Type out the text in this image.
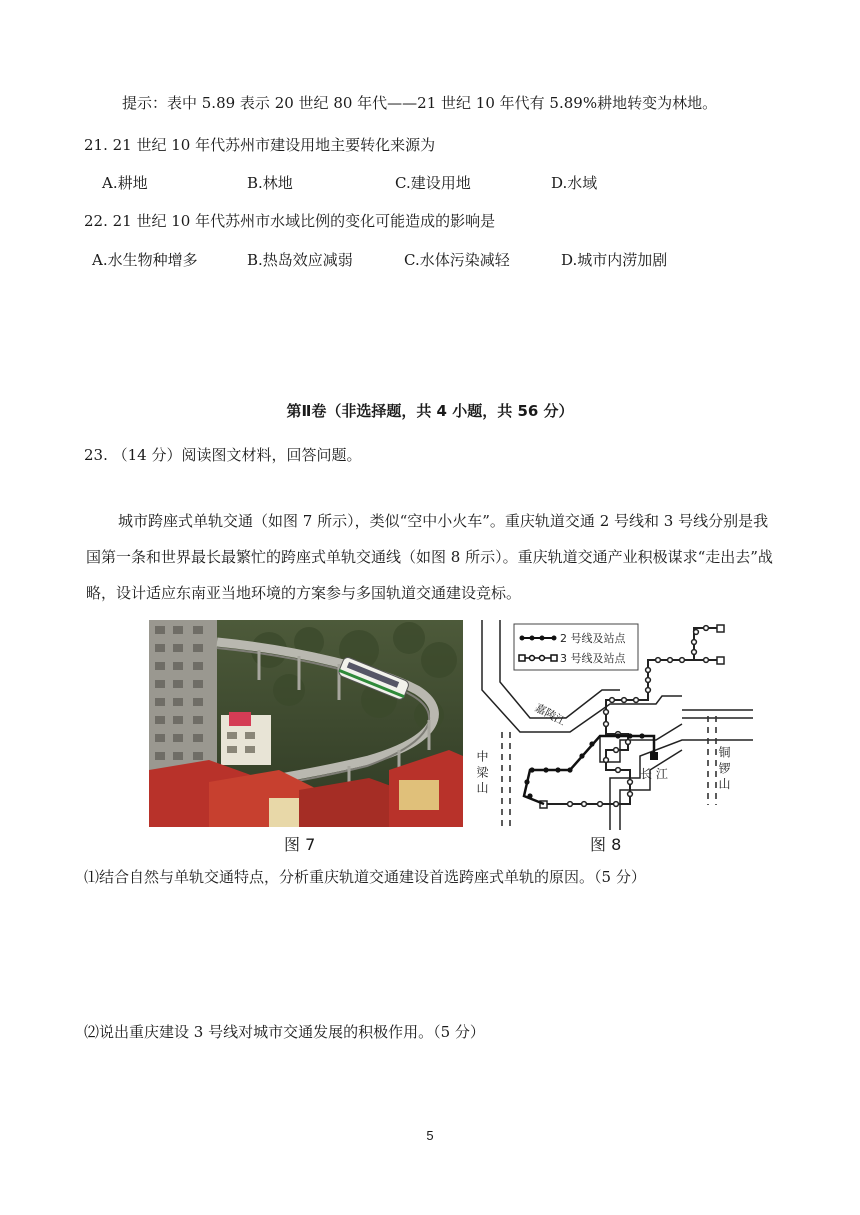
提示：表中 5.89 表示 20 世纪 80 年代——21 世纪 10 年代有 5.89%耕地转变为林地。
21. 21 世纪 10 年代苏州市建设用地主要转化来源为
A.耕地	B.林地	C.建设用地	D.水域
22. 21 世纪 10 年代苏州市水域比例的变化可能造成的影响是
A.水生物种增多	B.热岛效应减弱	C.水体污染减轻	D.城市内涝加剧
第Ⅱ卷（非选择题，共 4 小题，共 56 分）
23. （14 分）阅读图文材料，回答问题。
城市跨座式单轨交通（如图 7 所示），类似“空中小火车”。重庆轨道交通 2 号线和 3 号线分别是我国第一条和世界最长最繁忙的跨座式单轨交通线（如图 8 所示）。重庆轨道交通产业积极谋求“走出去”战略，设计适应东南亚当地环境的方案参与多国轨道交通建设竞标。
2 号线及站点
3 号线及站点
嘉陵江
长 江
中 梁 山	铜 锣 山
图 7	图 8
⑴结合自然与单轨交通特点，分析重庆轨道交通建设首选跨座式单轨的原因。（5 分）
⑵说出重庆建设 3 号线对城市交通发展的积极作用。（5 分）
5
